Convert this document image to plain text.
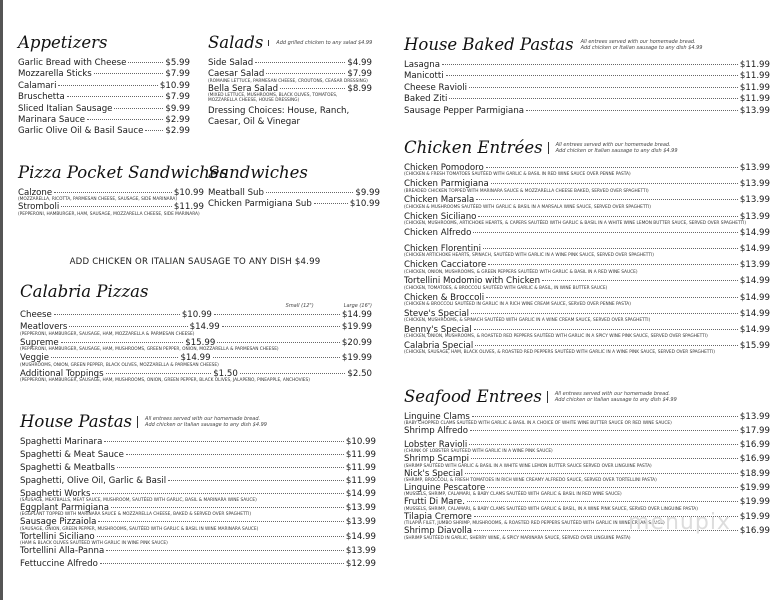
Appetizers
Garlic Bread with Cheese	$5.99
Mozzarella Sticks	$7.99
Calamari	$10.99
Bruschetta	$7.99
Sliced Italian Sausage	$9.99
Marinara Sauce	$2.99
Garlic Olive Oil & Basil Sauce	$2.99
Salads	Add grilled chicken to any salad $4.99
Side Salad	$4.99
Caesar Salad	$7.99
(ROMAINE LETTUCE, PARMESAN CHEESE, CROUTONS, CEASAR DRESSING)
Bella Sera Salad	$8.99
(MIXED LETTUCE, MUSHROOMS, BLACK OLIVES, TOMATOES,
MOZZARELLA CHEESE, HOUSE DRESSING)
Dressing Choices: House, Ranch, Caesar, Oil & Vinegar
Pizza Pocket Sandwiches
Calzone	$10.99
(MOZZARELLA, RICOTTA, PARMESAN CHEESE, SAUSAGE, SIDE MARINARA)
Stromboli	$11.99
(PEPPERONI, HAMBURGER, HAM, SAUSAGE, MOZZARELLA CHEESE, SIDE MARINARA)
Sandwiches
Meatball Sub	$9.99
Chicken Parmigiana Sub	$10.99
ADD CHICKEN OR ITALIAN SAUSAGE TO ANY DISH $4.99
Calabria Pizzas
Small (12")	Large (16")
Cheese	$10.99	$14.99
Meatlovers	$14.99	$19.99
(PEPPERONI, HAMBURGER, SAUSAGE, HAM, MOZZARELLA & PARMESAN CHEESE)
Supreme	$15.99	$20.99
(PEPPERONI, HAMBURGER, SAUSAGE, HAM, MUSHROOMS, GREEN PEPPER, ONION, MOZZARELLA & PARMESAN CHEESE)
Veggie	$14.99	$19.99
(MUSHROOMS, ONION, GREEN PEPPER, BLACK OLIVES, MOZZARELLA & PARMESAN CHEESE)
Additional Toppings	$1.50	$2.50
(PEPPERONI, HAMBURGER, SAUSAGE, HAM, MUSHROOMS, ONION, GREEN PEPPER, BLACK OLIVES, JALAPEÑO, PINEAPPLE, ANCHOVIES)
House Pastas	All entrees served with our homemade bread.
Add chicken or Italian sausage to any dish $4.99
Spaghetti Marinara	$10.99
Spaghetti & Meat Sauce	$11.99
Spaghetti & Meatballs	$11.99
Spaghetti, Olive Oil, Garlic & Basil	$11.99
Spaghetti Works	$14.99
(SAUSAGE, MEATBALLS, MEAT SAUCE, MUSHROOM, SAUTÉED WITH GARLIC, BASIL & MARINARA WINE SAUCE)
Eggplant Parmigiana	$13.99
(EGGPLANT TOPPED WITH MARINARA SAUCE & MOZZARELLA CHEESE, BAKED & SERVED OVER SPAGHETTI)
Sausage Pizzaiola	$13.99
(SAUSAGE, ONION, GREEN PEPPER, MUSHROOMS, SAUTÉED WITH GARLIC & BASIL IN WINE MARINARA SAUCE)
Tortellini Siciliano	$14.99
(HAM & BLACK OLIVES SAUTÉED WITH GARLIC IN WINE PINK SAUCE)
Tortellini Alla-Panna	$13.99
Fettuccine Alfredo	$12.99
House Baked Pastas All entrees served with our homemade bread.
Add chicken or Italian sausage to any dish $4.99
Lasagna	$11.99
Manicotti	$11.99
Cheese Ravioli	$11.99
Baked Ziti	$11.99
Sausage Pepper Parmigiana	$13.99
Chicken Entrées	All entrees served with our homemade bread.
Add chicken or Italian sausage to any dish $4.99
Chicken Pomodoro	$13.99
(CHICKEN & FRESH TOMATOES SAUTÉED WITH GARLIC & BASIL IN RED WINE SAUCE OVER PENNE PASTA)
Chicken Parmigiana	$13.99
(BREADED CHICKEN TOPPED WITH MARINARA SAUCE & MOZZARELLA CHEESE BAKED, SERVED OVER SPAGHETTI)
Chicken Marsala	$13.99
(CHICKEN & MUSHROOMS SAUTÉED WITH GARLIC & BASIL IN A MARSALA WINE SAUCE, SERVED OVER SPAGHETTI)
Chicken Siciliano	$13.99
(CHICKEN, MUSHROOMS, ARTICHOKE HEARTS, & CAPERS SAUTÉED WITH GARLIC & BASIL IN A WHITE WINE LEMON BUTTER SAUCE, SERVED OVER SPAGHETTI)
Chicken Alfredo	$14.99
Chicken Florentini	$14.99
(CHICKEN ARTICHOKE HEARTS, SPINACH, SAUTÉED WITH GARLIC IN A WINE PINK SAUCE, SERVED OVER SPAGHETTI)
Chicken Cacciatore	$13.99
(CHICKEN, ONION, MUSHROOMS, & GREEN PEPPERS SAUTÉED WITH GARLIC & BASIL IN A RED WINE SAUCE)
Tortellini Modomio with Chicken	$14.99
(CHICKEN, TOMATOES, & BROCCOLI SAUTÉED WITH GARLIC & BASIL, IN WINE BUTTER SAUCE)
Chicken & Broccoli	$14.99
(CHICKEN & BROCCOLI SAUTÉED IN GARLIC IN A RICH WINE CREAM SAUCE, SERVED OVER PENNE PASTA)
Steve's Special	$14.99
(CHICKEN, MUSHROOMS, & SPINACH SAUTÉED WITH GARLIC IN A WINE CREAM SAUCE, SERVED OVER SPAGHETTI)
Benny's Special	$14.99
(CHICKEN, ONION, MUSHROOMS, & ROASTED RED PEPPERS SAUTÉED WITH GARLIC IN A SPICY WINE PINK SAUCE, SERVED OVER SPAGHETTI)
Calabria Special	$15.99
(CHICKEN, SAUSAGE, HAM, BLACK OLIVES, & ROASTED RED PEPPERS SAUTÉED WITH GARLIC IN A WINE PINK SAUCE, SERVED OVER SPAGHETTI)
Seafood Entrees	All entrees served with our homemade bread.
Add chicken or Italian sausage to any dish $4.99
Linguine Clams	$13.99
(BABY CHOPPED CLAMS SAUTÉED WITH GARLIC & BASIL IN A CHOICE OF WHITE WINE BUTTER SAUCE OR RED WINE SAUCE)
Shrimp Alfredo	$17.99
Lobster Ravioli	$16.99
(CHUNK OF LOBSTER SAUTÉED WITH GARLIC IN A WINE PINK SAUCE)
Shrimp Scampi	$16.99
(SHRIMP SAUTÉED WITH GARLIC & BASIL IN A WHITE WINE LEMON BUTTER SAUCE SERVED OVER LINGUINE PASTA)
Nick's Special	$18.99
(SHRIMP, BROCCOLI, & FRESH TOMATOES IN RICH WINE CREAMY ALFREDO SAUCE, SERVED OVER TORTELLINI PASTA)
Linguine Pescatore	$19.99
(MUSSELS, SHRIMP, CALAMARI, & BABY CLAMS SAUTÉED WITH GARLIC & BASIL IN RED WINE SAUCE)
Frutti Di Mare.	$19.99
(MUSSELS, SHRIMP, CALAMARI, & BABY CLAMS SAUTÉED WITH GARLIC & BASIL, IN A WINE PINK SAUCE, SERVED OVER LINGUINE PASTA)
Tilapia Cremore	$19.99
(TILAPIA FILET, JUMBO SHRIMP, MUSHROOMS, & ROASTED RED PEPPERS SAUTÉED WITH GARLIC IN WINE CREAM SAUCE)
Shrimp Diavolla	$16.99
(SHRIMP SAUTÉED IN GARLIC, SHERRY WINE, & SPICY MARINARA SAUCE, SERVED OVER LINGUINE PASTA)
menupix
